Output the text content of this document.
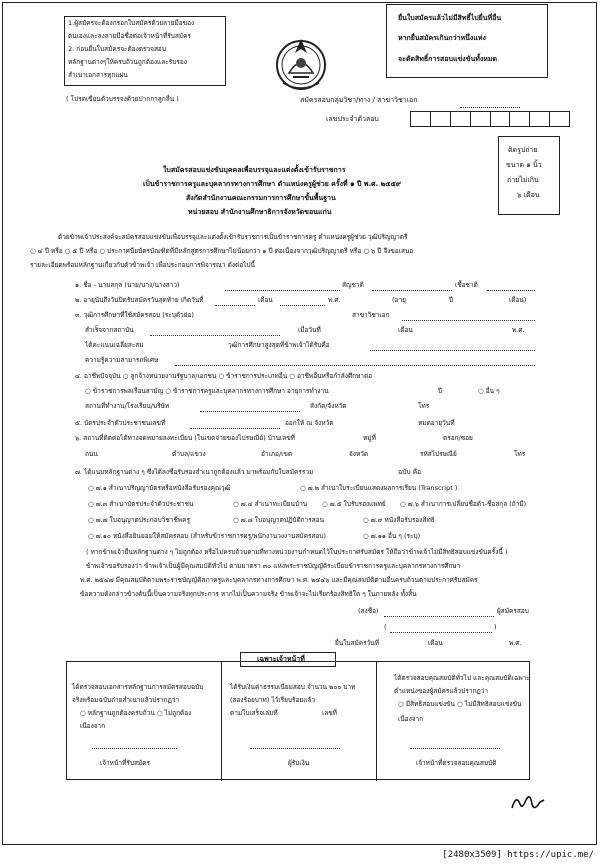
1.ผู้สมัครจะต้องกรอกใบสมัครด้วยลายมือของ
ตนเองและลงลายมือชื่อต่อเจ้าหน้าที่รับสมัคร
2. ก่อนยื่นใบสมัครจะต้องตรวจสอบ
หลักฐานต่างๆให้ครบถ้วนถูกต้องและรับรอง
สำเนาเอกสารทุกแผ่น
( โปรดเขียนตัวบรรจงด้วยปากกาลูกลื่น )
ยื่นใบสมัครแล้วไม่มีสิทธิ์ไปยื่นที่อื่น
หากยื่นสมัครเกินกว่าหนึ่งแห่ง
จะตัดสิทธิ์การสอบแข่งขันทั้งหมด
สมัครสอบกลุ่มวิชา/ทาง / สาขาวิชาเอก
เลขประจำตัวสอบ
ติดรูปถ่าย
ขนาด ๑ นิ้ว
ถ่ายไม่เกิน
๖ เดือน
ใบสมัครสอบแข่งขันบุคคลเพื่อบรรจุและแต่งตั้งเข้ารับราชการ
เป็นข้าราชการครูและบุคลากรทางการศึกษา ตำแหน่งครูผู้ช่วย ครั้งที่ ๑ ปี พ.ศ. ๒๕๕๙
สังกัดสำนักงานคณะกรรมการการศึกษาขั้นพื้นฐาน
หน่วยสอบ สำนักงานศึกษาธิการจังหวัดขอนแก่น
ด้วยข้าพเจ้าประสงค์จะสมัครสอบแข่งขันเพื่อบรรจุและแต่งตั้งเข้ารับราชการเป็นข้าราชการครู ตำแหน่งครูผู้ช่วย วุฒิปริญญาตรี
○ ๔ ปี หรือ ○ ๕ ปี หรือ ○ ประกาศนียบัตรบัณฑิตที่มีหลักสูตรการศึกษาไม่น้อยกว่า ๑ ปี ต่อเนื่องจากวุฒิปริญญาตรี หรือ ○ ๖ ปี จึงขอเสนอ
รายละเอียดพร้อมหลักฐานเกี่ยวกับตัวข้าพเจ้า เพื่อประกอบการพิจารณา ดังต่อไปนี้
๑. ชื่อ - นามสกุล (นาย/นาง/นางสาว)	สัญชาติ	เชื้อชาติ
๒. อายุนับถึงวันปิดรับสมัครวันสุดท้าย เกิดวันที่	เดือน	พ.ศ.	(อายุ	ปี	เดือน)
๓. วุฒิการศึกษาที่ใช้สมัครสอบ (ระบุตัวย่อ)	สาขาวิชาเอก
สำเร็จจากสถาบัน	เมื่อวันที่	เดือน	พ.ศ.
ได้คะแนนเฉลี่ยสะสม	วุฒิการศึกษาสูงสุดที่ข้าพเจ้าได้รับคือ
ความรู้ความสามารถพิเศษ
๔. อาชีพปัจจุบัน ○ ลูกจ้างหน่วยงานรัฐบาล/เอกชน ○ ข้าราชการประเภทอื่น ○ อาชีพอื่นหรือกำลังศึกษาต่อ
○ ข้าราชการพลเรือนสามัญ ○ ข้าราชการครูและบุคลากรทางการศึกษา อายุการทำงาน	ปี	○ อื่น ๆ
สถานที่ทำงาน/โรงเรียน/บริษัท	สังกัด/จังหวัด	โทร
๕. บัตรประจำตัวประชาชนเลขที่	ออกให้ ณ จังหวัด	หมดอายุวันที่
๖. สถานที่ติดต่อได้ทางจดหมายลงทะเบียน (ในเขตจ่ายของไปรษณีย์) บ้านเลขที่	หมู่ที่	ตรอก/ซอย
ถนน	ตำบล/แขวง	อำเภอ/เขต	จังหวัด	รหัสไปรษณีย์	โทร
๗. ได้แนบหลักฐานต่าง ๆ ซึ่งได้ลงชื่อรับรองสำเนาถูกต้องแล้ว มาพร้อมกับใบสมัครรวม	ฉบับ คือ
○ ๗.๑ สำเนาปริญญาบัตรหรือหนังสือรับรองคุณวุฒิ	○ ๗.๒ สำเนาใบระเบียนแสดงผลการเรียน (Transcript )
○ ๗.๓ สำเนาบัตรประจำตัวประชาชน	○ ๗.๔ สำเนาทะเบียนบ้าน ○ ๗.๕ ใบรับรองแพทย์ ○ ๗.๖ สำเนาการเปลี่ยนชื่อตัว-ชื่อสกุล (ถ้ามี)
○ ๗.๗ ใบอนุญาตประกอบวิชาชีพครู	○ ๗.๘ ใบอนุญาตปฏิบัติการสอน	○ ๗.๙ หนังสือรับรองสิทธิ
○ ๗.๑๐ หนังสือยินยอมให้สมัครสอบ (สำหรับข้าราชการครู/พนักงานวงงานสมัครสอบ)	○ ๗.๑๑ อื่น ๆ (ระบุ)
( หากข้าพเจ้ายื่นหลักฐานต่าง ๆ ไม่ถูกต้อง หรือไม่ครบถ้วนตามที่ทางหน่วยงานกำหนดไว้ในประกาศรับสมัคร ให้ถือว่าข้าพเจ้าไม่มีสิทธิสอบแข่งขันครั้งนี้ )
ข้าพเจ้าขอรับรองว่า ข้าพเจ้าเป็นผู้มีคุณสมบัติทั่วไป ตามมาตรา ๓๐ แห่งพระราชบัญญัติระเบียบข้าราชการครูและบุคลากรทางการศึกษา
พ.ศ. ๒๕๔๗ มีคุณสมบัติตามพระราชบัญญัติสภาครูและบุคลากรทางการศึกษา พ.ศ. ๒๕๔๖ และมีคุณสมบัติตามอื่นครบถ้วนตามประกาศรับสมัคร
ข้อความดังกล่าวข้างต้นนี้เป็นความจริงทุกประการ หากไม่เป็นความจริง ข้าพเจ้าจะไม่เรียกร้องสิทธิใด ๆ ในภายหลัง ทั้งสิ้น
(ลงชื่อ)	ผู้สมัครสอบ
(	)
ยื่นใบสมัครวันที่	เดือน	พ.ศ.
เฉพาะเจ้าหน้าที่
ได้ตรวจสอบเอกสารหลักฐานการสมัครสอบฉบับ
จริงพร้อมฉบับถ่ายสำเนาแล้วปรากฏว่า
○ หลักฐานถูกต้องครบถ้วน ○ ไม่ถูกต้อง
เนื่องจาก
เจ้าหน้าที่รับสมัคร
ได้รับเงินค่าธรรมเนียมสอบ จำนวน ๒๐๐ บาท
(สองร้อยบาท) ไว้เรียบร้อยแล้ว
ตามใบเสร็จเล่มที่	เลขที่
ผู้รับเงิน
ได้ตรวจสอบคุณสมบัติทั่วไป และคุณสมบัติเฉพาะ
ตำแหน่งของผู้สมัครแล้วปรากฏว่า
○ มีสิทธิสอบแข่งขัน ○ ไม่มีสิทธิสอบแข่งขัน
เนื่องจาก
เจ้าหน้าที่ตรวจสอบคุณสมบัติ
[2480x3509] https://upic.me/
